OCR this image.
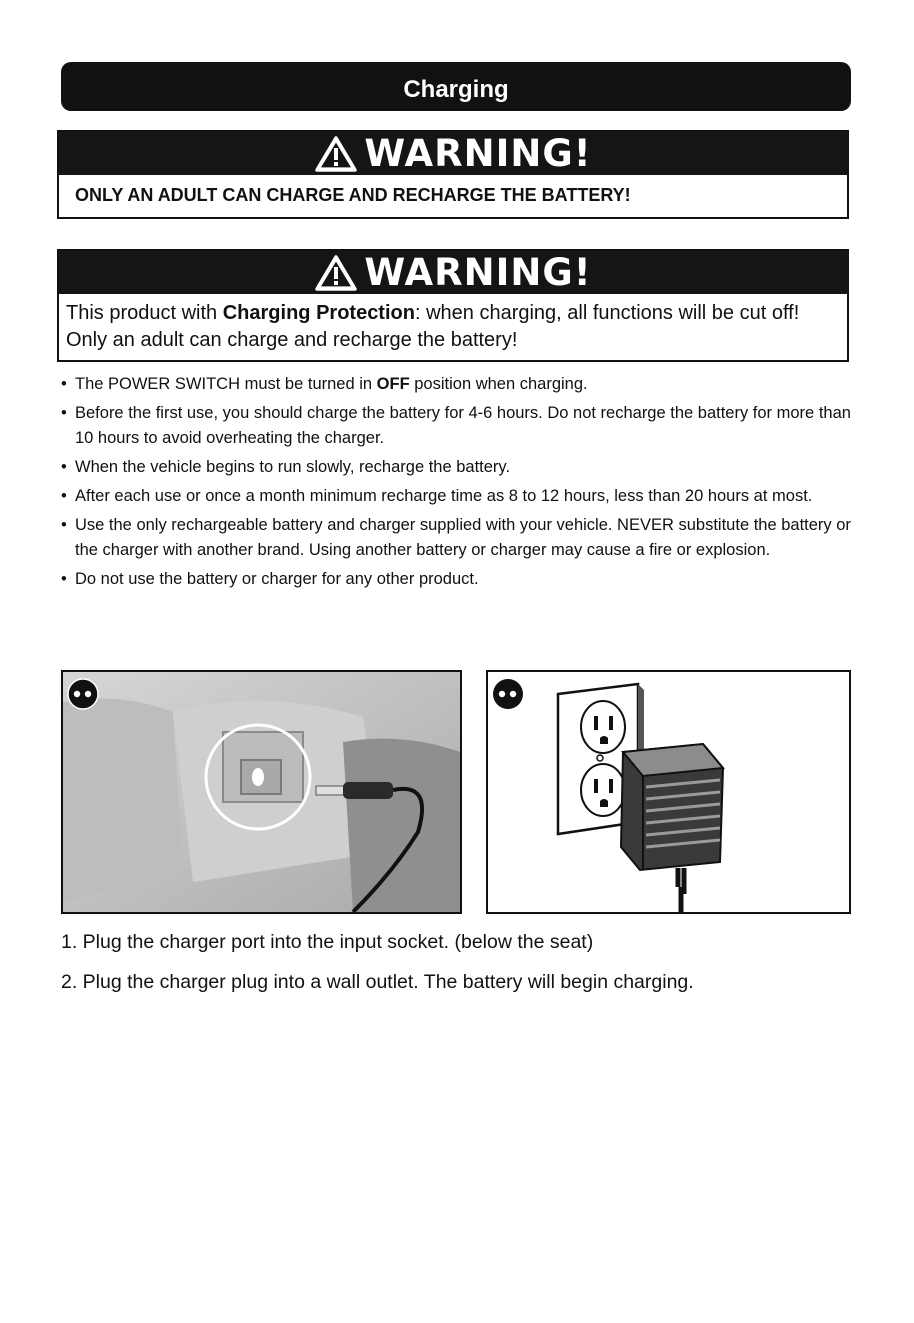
Charging
WARNING!
ONLY AN ADULT CAN CHARGE AND RECHARGE THE BATTERY!
WARNING!
This product with Charging Protection: when charging, all functions will be cut off! Only an adult can charge and recharge the battery!
• The POWER SWITCH must be turned in OFF position when charging.
• Before the first use, you should charge the battery for 4-6 hours. Do not recharge the battery for more than 10 hours to avoid overheating the charger.
• When the vehicle begins to run slowly, recharge the battery.
• After each use or once a month minimum recharge time as 8 to 12 hours, less than 20 hours at most.
• Use the only rechargeable battery and charger supplied with your vehicle. NEVER substitute the battery or the charger with another brand. Using another battery or charger may cause a fire or explosion.
• Do not use the battery or charger for any other product.
1. Plug the charger port into the input socket. (below the seat)
2. Plug the charger plug into a wall outlet. The battery will begin charging.
